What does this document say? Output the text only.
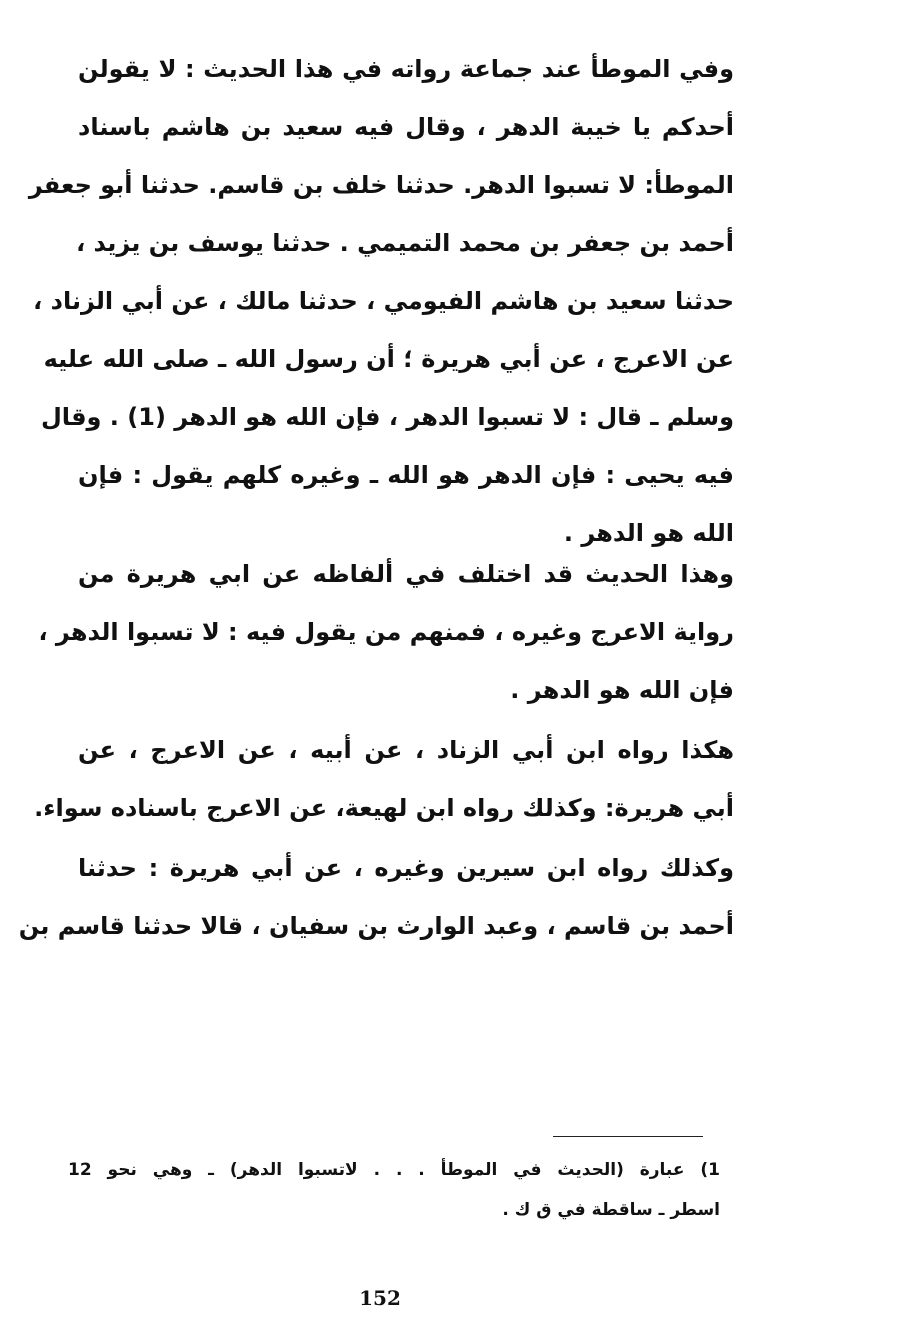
وفي الموطأ عند جماعة رواته في هذا الحديث : لا يقولن
أحدكم يا خيبة الدهر ، وقال فيه سعيد بن هاشم باسناد
الموطأ: لا تسبوا الدهر. حدثنا خلف بن قاسم. حدثنا أبو جعفر
أحمد بن جعفر بن محمد التميمي . حدثنا يوسف بن يزيد ،
حدثنا سعيد بن هاشم الفيومي ، حدثنا مالك ، عن أبي الزناد ،
عن الاعرج ، عن أبي هريرة ؛ أن رسول الله ـ صلى الله عليه
وسلم ـ قال : لا تسبوا الدهر ، فإن الله هو الدهر (1) . وقال
فيه يحيى : فإن الدهر هو الله ـ وغيره كلهم يقول : فإن
الله هو الدهر .
وهذا الحديث قد اختلف في ألفاظه عن ابي هريرة من
رواية الاعرج وغيره ، فمنهم من يقول فيه : لا تسبوا الدهر ،
فإن الله هو الدهر .
هكذا رواه ابن أبي الزناد ، عن أبيه ، عن الاعرج ، عن
أبي هريرة: وكذلك رواه ابن لهيعة، عن الاعرج باسناده سواء.
وكذلك رواه ابن سيرين وغيره ، عن أبي هريرة : حدثنا
أحمد بن قاسم ، وعبد الوارث بن سفيان ، قالا حدثنا قاسم بن
1) عبارة (الحديث في الموطأ . . . لاتسبوا الدهر) ـ وهي نحو 12
اسطر ـ ساقطة في ق ك .
152
